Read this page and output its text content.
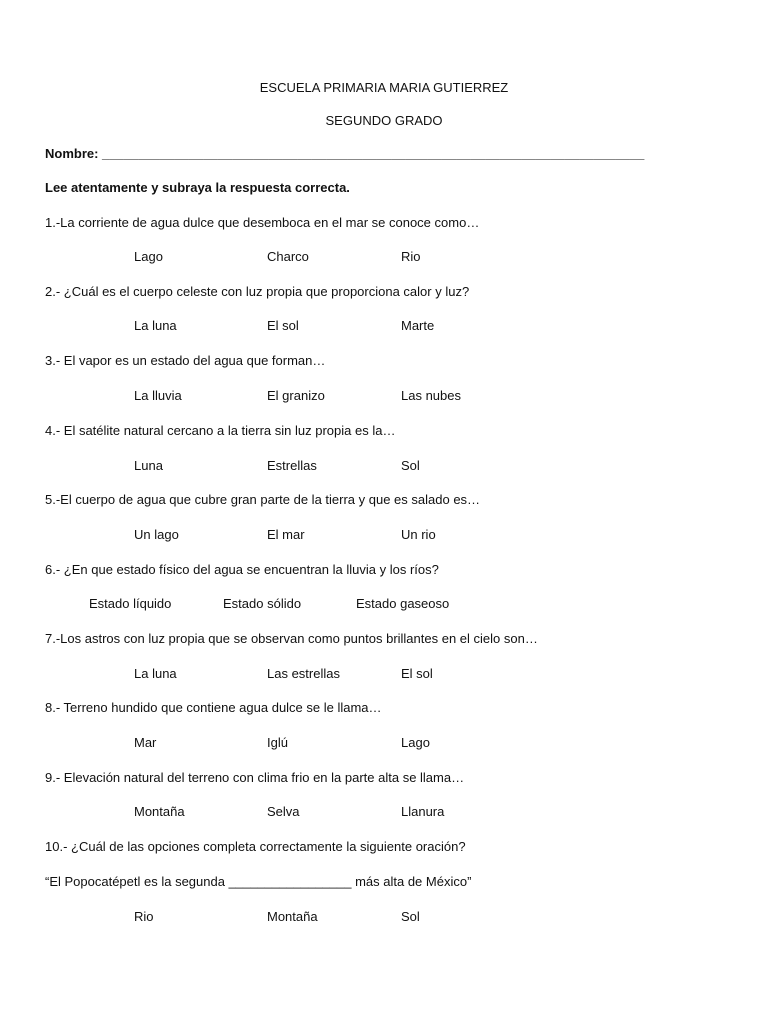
ESCUELA PRIMARIA MARIA GUTIERREZ
SEGUNDO GRADO
Nombre: ___________________________________________________________________________
Lee atentamente y subraya la respuesta correcta.
1.-La corriente de agua dulce que desemboca en el mar se conoce como…
Lago	Charco	Rio
2.- ¿Cuál es el cuerpo celeste con luz propia que proporciona calor y luz?
La luna	El sol	Marte
3.- El vapor es un estado del agua que forman…
La lluvia	El granizo	Las nubes
4.- El satélite natural cercano a la tierra sin luz propia es la…
Luna	Estrellas	Sol
5.-El cuerpo de agua que cubre gran parte de la tierra y que es salado es…
Un lago	El mar	Un rio
6.- ¿En que estado físico del agua se encuentran la lluvia y los ríos?
Estado líquido	Estado sólido	Estado gaseoso
7.-Los astros con luz propia que se observan como puntos brillantes en el cielo son…
La luna	Las estrellas	El sol
8.- Terreno hundido que contiene agua dulce se le llama…
Mar	Iglú	Lago
9.- Elevación natural del terreno con clima frio en la parte alta se llama…
Montaña	Selva	Llanura
10.- ¿Cuál de las opciones completa correctamente la siguiente oración?
“El Popocatépetl es la segunda _________________ más alta de México”
Rio	Montaña	Sol
